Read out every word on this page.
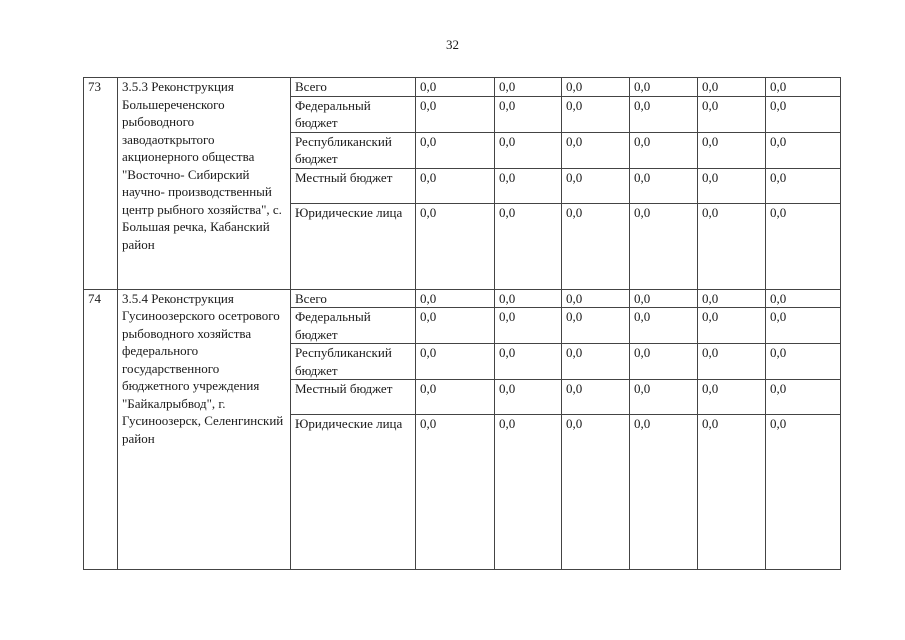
32
73	3.5.3 Реконструкция Большереченского рыбоводного заводаоткрытого акционерного общества "Восточно- Сибирский научно- производственный центр рыбного хозяйства", с. Большая речка, Кабанский район	Всего	0,0	0,0	0,0	0,0	0,0	0,0
		Федеральный бюджет	0,0	0,0	0,0	0,0	0,0	0,0
		Республиканский бюджет	0,0	0,0	0,0	0,0	0,0	0,0
		Местный бюджет	0,0	0,0	0,0	0,0	0,0	0,0
		Юридические лица	0,0	0,0	0,0	0,0	0,0	0,0
74	3.5.4 Реконструкция Гусиноозерского осетрового рыбоводного хозяйства федерального государственного бюджетного учреждения "Байкалрыбвод", г. Гусиноозерск, Селенгинский район	Всего	0,0	0,0	0,0	0,0	0,0	0,0
		Федеральный бюджет	0,0	0,0	0,0	0,0	0,0	0,0
		Республиканский бюджет	0,0	0,0	0,0	0,0	0,0	0,0
		Местный бюджет	0,0	0,0	0,0	0,0	0,0	0,0
		Юридические лица	0,0	0,0	0,0	0,0	0,0	0,0
